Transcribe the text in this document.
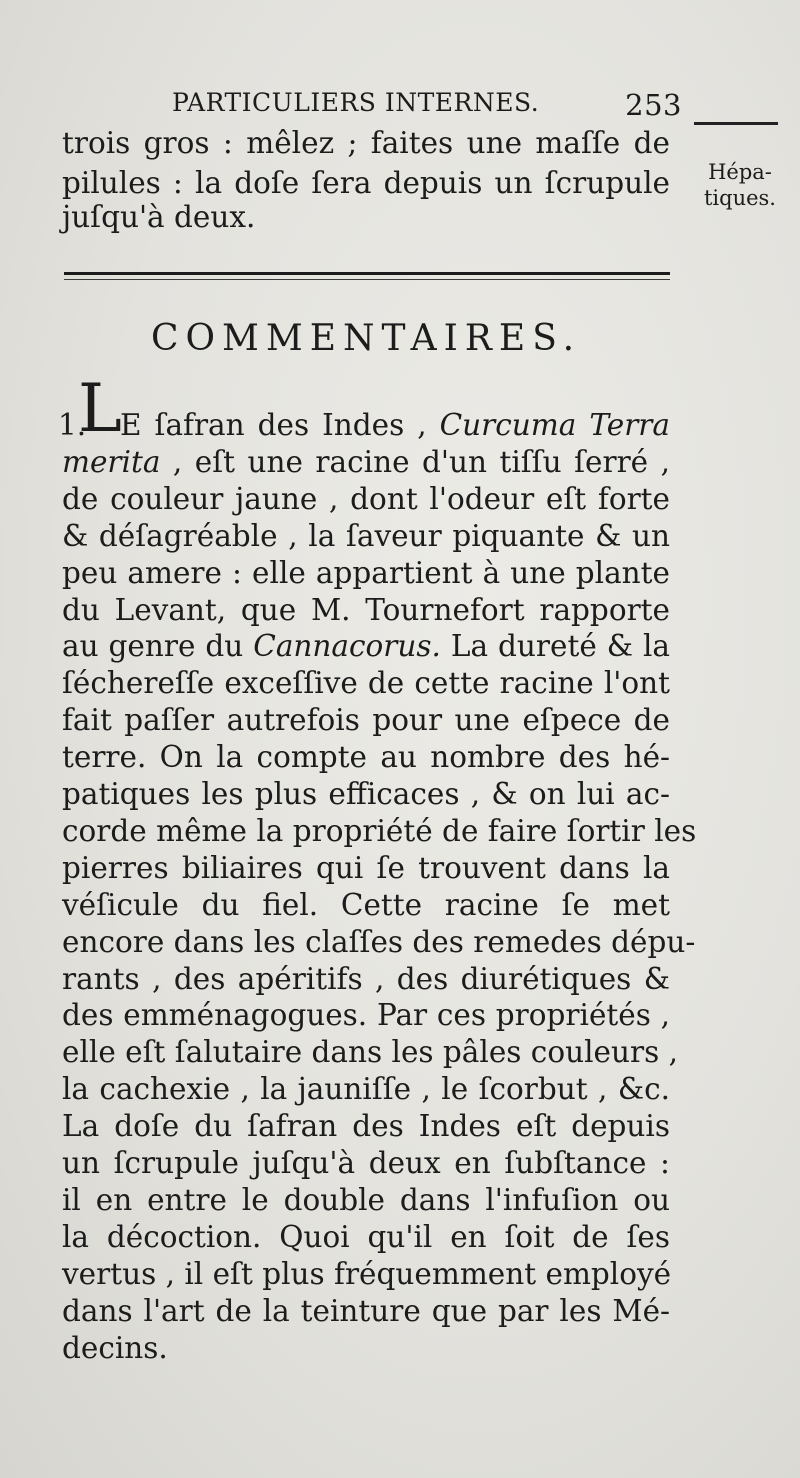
PARTICULIERS INTERNES.	253
Hépa-
tiques.
trois gros : mêlez ; faites une maſſe de
pilules : la doſe ſera depuis un ſcrupule
juſqu'à deux.
COMMENTAIRES.
1.
L
E ſafran des Indes , Curcuma Terra
merita , eſt une racine d'un tiſſu ſerré ,
de couleur jaune , dont l'odeur eſt forte
& déſagréable , la ſaveur piquante & un
peu amere : elle appartient à une plante
du Levant, que M. Tournefort rapporte
au genre du Cannacorus. La dureté & la
ſéchereſſe exceſſive de cette racine l'ont
fait paſſer autrefois pour une eſpece de
terre. On la compte au nombre des hé-
patiques les plus efficaces , & on lui ac-
corde même la propriété de faire ſortir les
pierres biliaires qui ſe trouvent dans la
véſicule du fiel. Cette racine ſe met
encore dans les claſſes des remedes dépu-
rants , des apéritifs , des diurétiques &
des emménagogues. Par ces propriétés ,
elle eſt ſalutaire dans les pâles couleurs ,
la cachexie , la jauniſſe , le ſcorbut , &c.
La doſe du ſafran des Indes eſt depuis
un ſcrupule juſqu'à deux en ſubſtance :
il en entre le double dans l'infuſion ou
la décoction. Quoi qu'il en ſoit de ſes
vertus , il eſt plus fréquemment employé
dans l'art de la teinture que par les Mé-
decins.
